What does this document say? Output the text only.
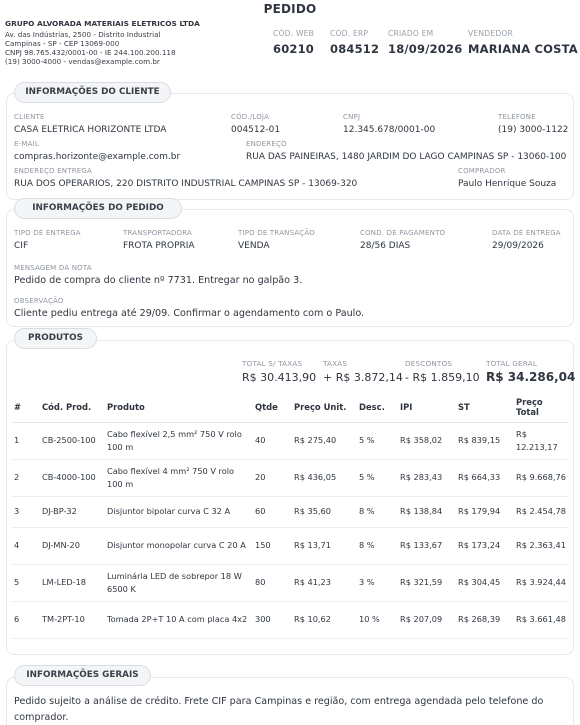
PEDIDO
GRUPO ALVORADA MATERIAIS ELETRICOS LTDA
Av. das Indústrias, 2500 - Distrito Industrial
Campinas - SP - CEP 13069-000
CNPJ 98.765.432/0001-00 - IE 244.100.200.118
(19) 3000-4000 - vendas@example.com.br
CÓD. WEB
60210
CÓD. ERP
084512
CRIADO EM
18/09/2026
VENDEDOR
MARIANA COSTA
INFORMAÇÕES DO CLIENTE
CLIENTE
CASA ELETRICA HORIZONTE LTDA
CÓD./LOJA
004512-01
CNPJ
12.345.678/0001-00
TELEFONE
(19) 3000-1122
E-MAIL
compras.horizonte@example.com.br
ENDEREÇO
RUA DAS PAINEIRAS, 1480 JARDIM DO LAGO CAMPINAS SP - 13060-100
ENDEREÇO ENTREGA
RUA DOS OPERARIOS, 220 DISTRITO INDUSTRIAL CAMPINAS SP - 13069-320
COMPRADOR
Paulo Henrique Souza
INFORMAÇÕES DO PEDIDO
TIPO DE ENTREGA
CIF
TRANSPORTADORA
FROTA PROPRIA
TIPO DE TRANSAÇÃO
VENDA
COND. DE PAGAMENTO
28/56 DIAS
DATA DE ENTREGA
29/09/2026
MENSAGEM DA NOTA
Pedido de compra do cliente nº 7731. Entregar no galpão 3.
OBSERVAÇÃO
Cliente pediu entrega até 29/09. Confirmar o agendamento com o Paulo.
PRODUTOS
TOTAL S/ TAXAS
R$ 30.413,90
TAXAS
+ R$ 3.872,14
DESCONTOS
- R$ 1.859,10
TOTAL GERAL
R$ 34.286,04
#	Cód. Prod.	Produto	Qtde	Preço Unit.	Desc.	IPI	ST	Preço Total
1	CB-2500-100	Cabo flexível 2,5 mm² 750 V rolo 100 m	40	R$ 275,40	5 %	R$ 358,02	R$ 839,15	R$ 12.213,17
2	CB-4000-100	Cabo flexível 4 mm² 750 V rolo 100 m	20	R$ 436,05	5 %	R$ 283,43	R$ 664,33	R$ 9.668,76
3	DJ-BP-32	Disjuntor bipolar curva C 32 A	60	R$ 35,60	8 %	R$ 138,84	R$ 179,94	R$ 2.454,78
4	DJ-MN-20	Disjuntor monopolar curva C 20 A	150	R$ 13,71	8 %	R$ 133,67	R$ 173,24	R$ 2.363,41
5	LM-LED-18	Luminária LED de sobrepor 18 W 6500 K	80	R$ 41,23	3 %	R$ 321,59	R$ 304,45	R$ 3.924,44
6	TM-2PT-10	Tomada 2P+T 10 A com placa 4x2	300	R$ 10,62	10 %	R$ 207,09	R$ 268,39	R$ 3.661,48
INFORMAÇÕES GERAIS
Pedido sujeito a análise de crédito. Frete CIF para Campinas e região, com entrega agendada pelo telefone do comprador.
